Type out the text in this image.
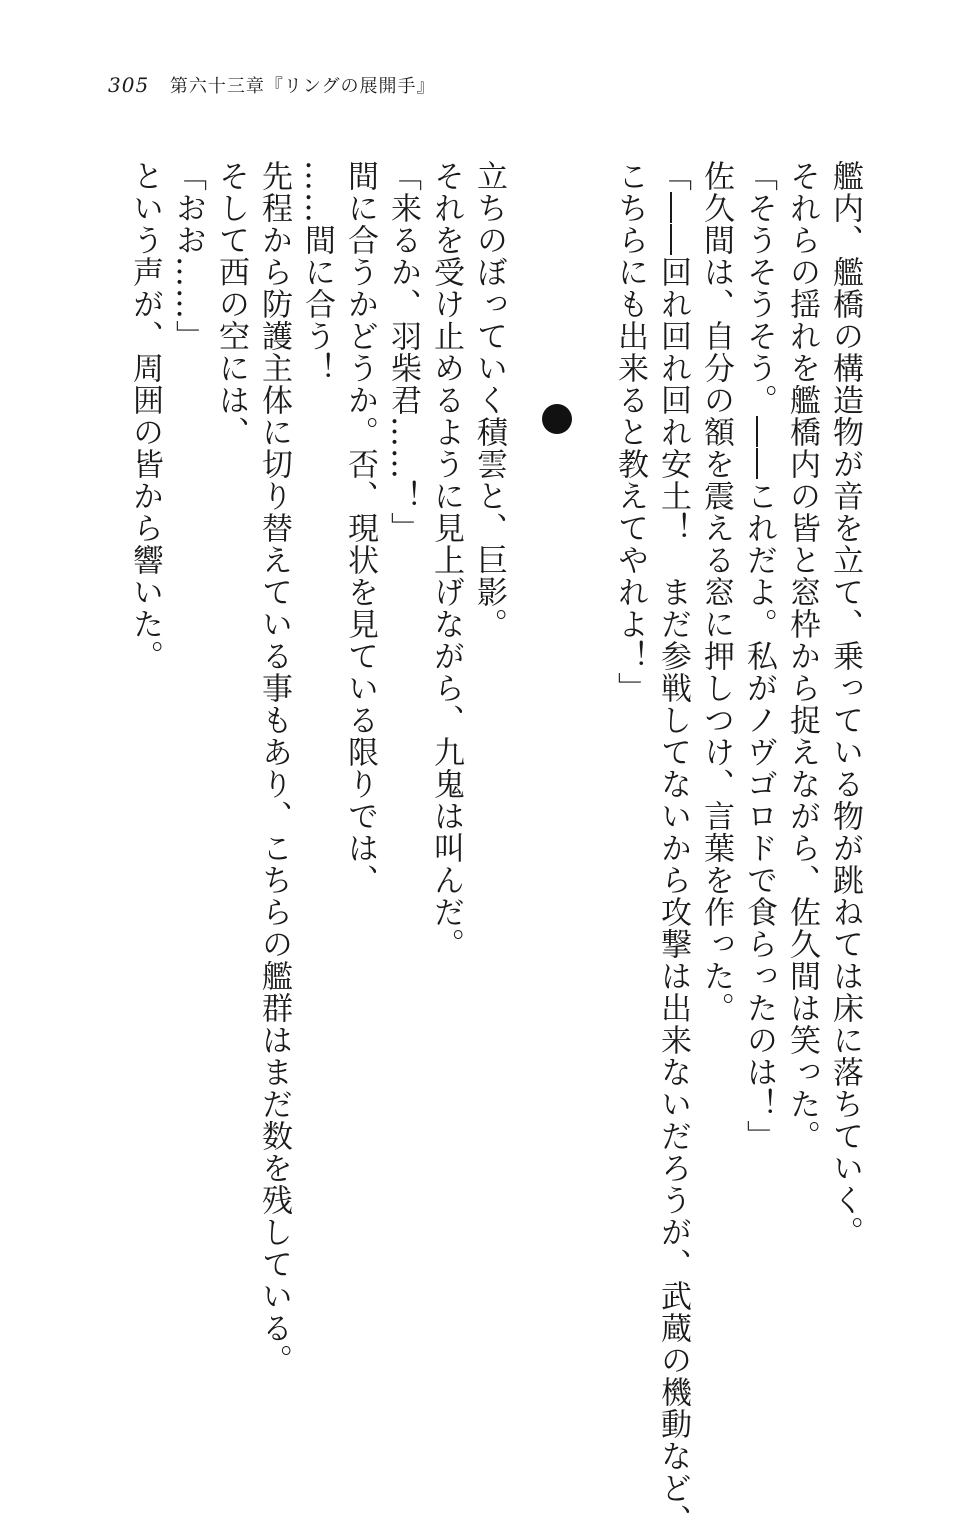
305 第六十三章『リングの展開手』
艦内、艦橋の構造物が音を立て、乗っている物が跳ねては床に落ちていく。
それらの揺れを艦橋内の皆と窓枠から捉えながら、佐久間は笑った。
「そうそうそう。――これだよ。私がノヴゴロドで食らったのは！」
佐久間は、自分の額を震える窓に押しつけ、言葉を作った。
「――回れ回れ回れ安土！　まだ参戦してないから攻撃は出来ないだろうが、武蔵の機動など、
こちらにも出来ると教えてやれよ！」
立ちのぼっていく積雲と、巨影。
それを受け止めるように見上げながら、九鬼は叫んだ。
「来るか、羽柴君……！」
間に合うかどうか。否、現状を見ている限りでは、
……間に合う！
先程から防護主体に切り替えている事もあり、こちらの艦群はまだ数を残している。
そして西の空には、
「おお……」
という声が、周囲の皆から響いた。
